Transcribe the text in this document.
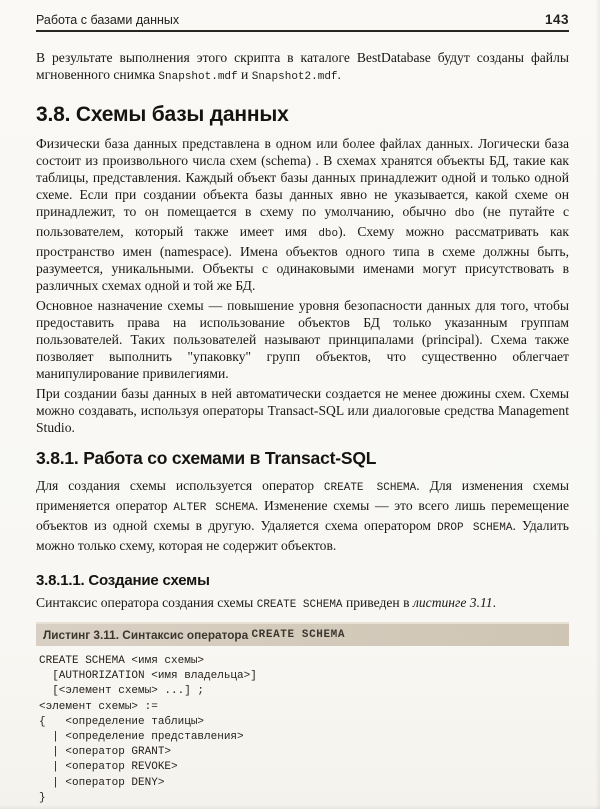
Работа с базами данных	143

В результате выполнения этого скрипта в каталоге BestDatabase будут созданы файлы мгновенного снимка Snapshot.mdf и Snapshot2.mdf.

3.8. Схемы базы данных

Физически база данных представлена в одном или более файлах данных. Логически база состоит из произвольного числа схем (schema) . В схемах хранятся объекты БД, такие как таблицы, представления. Каждый объект базы данных принадлежит одной и только одной схеме. Если при создании объекта базы данных явно не указывается, какой схеме он принадлежит, то он помещается в схему по умолчанию, обычно dbo (не путайте с пользователем, который также имеет имя dbo). Схему можно рассматривать как пространство имен (namespace). Имена объектов одного типа в схеме должны быть, разумеется, уникальными. Объекты с одинаковыми именами могут присутствовать в различных схемах одной и той же БД.

Основное назначение схемы — повышение уровня безопасности данных для того, чтобы предоставить права на использование объектов БД только указанным группам пользователей. Таких пользователей называют принципалами (principal). Схема также позволяет выполнить "упаковку" групп объектов, что существенно облегчает манипулирование привилегиями.

При создании базы данных в ней автоматически создается не менее дюжины схем. Схемы можно создавать, используя операторы Transact-SQL или диалоговые средства Management Studio.

3.8.1. Работа со схемами в Transact-SQL

Для создания схемы используется оператор CREATE SCHEMA. Для изменения схемы применяется оператор ALTER SCHEMA. Изменение схемы — это всего лишь перемещение объектов из одной схемы в другую. Удаляется схема оператором DROP SCHEMA. Удалить можно только схему, которая не содержит объектов.

3.8.1.1. Создание схемы

Синтаксис оператора создания схемы CREATE SCHEMA приведен в листинге 3.11.

Листинг 3.11. Синтаксис оператора CREATE SCHEMA
CREATE SCHEMA <имя схемы>
[AUTHORIZATION <имя владельца>]
[<элемент схемы> ...] ;
<элемент схемы> :=
{   <определение таблицы>
| <определение представления>
| <оператор GRANT>
| <оператор REVOKE>
| <оператор DENY>
}
